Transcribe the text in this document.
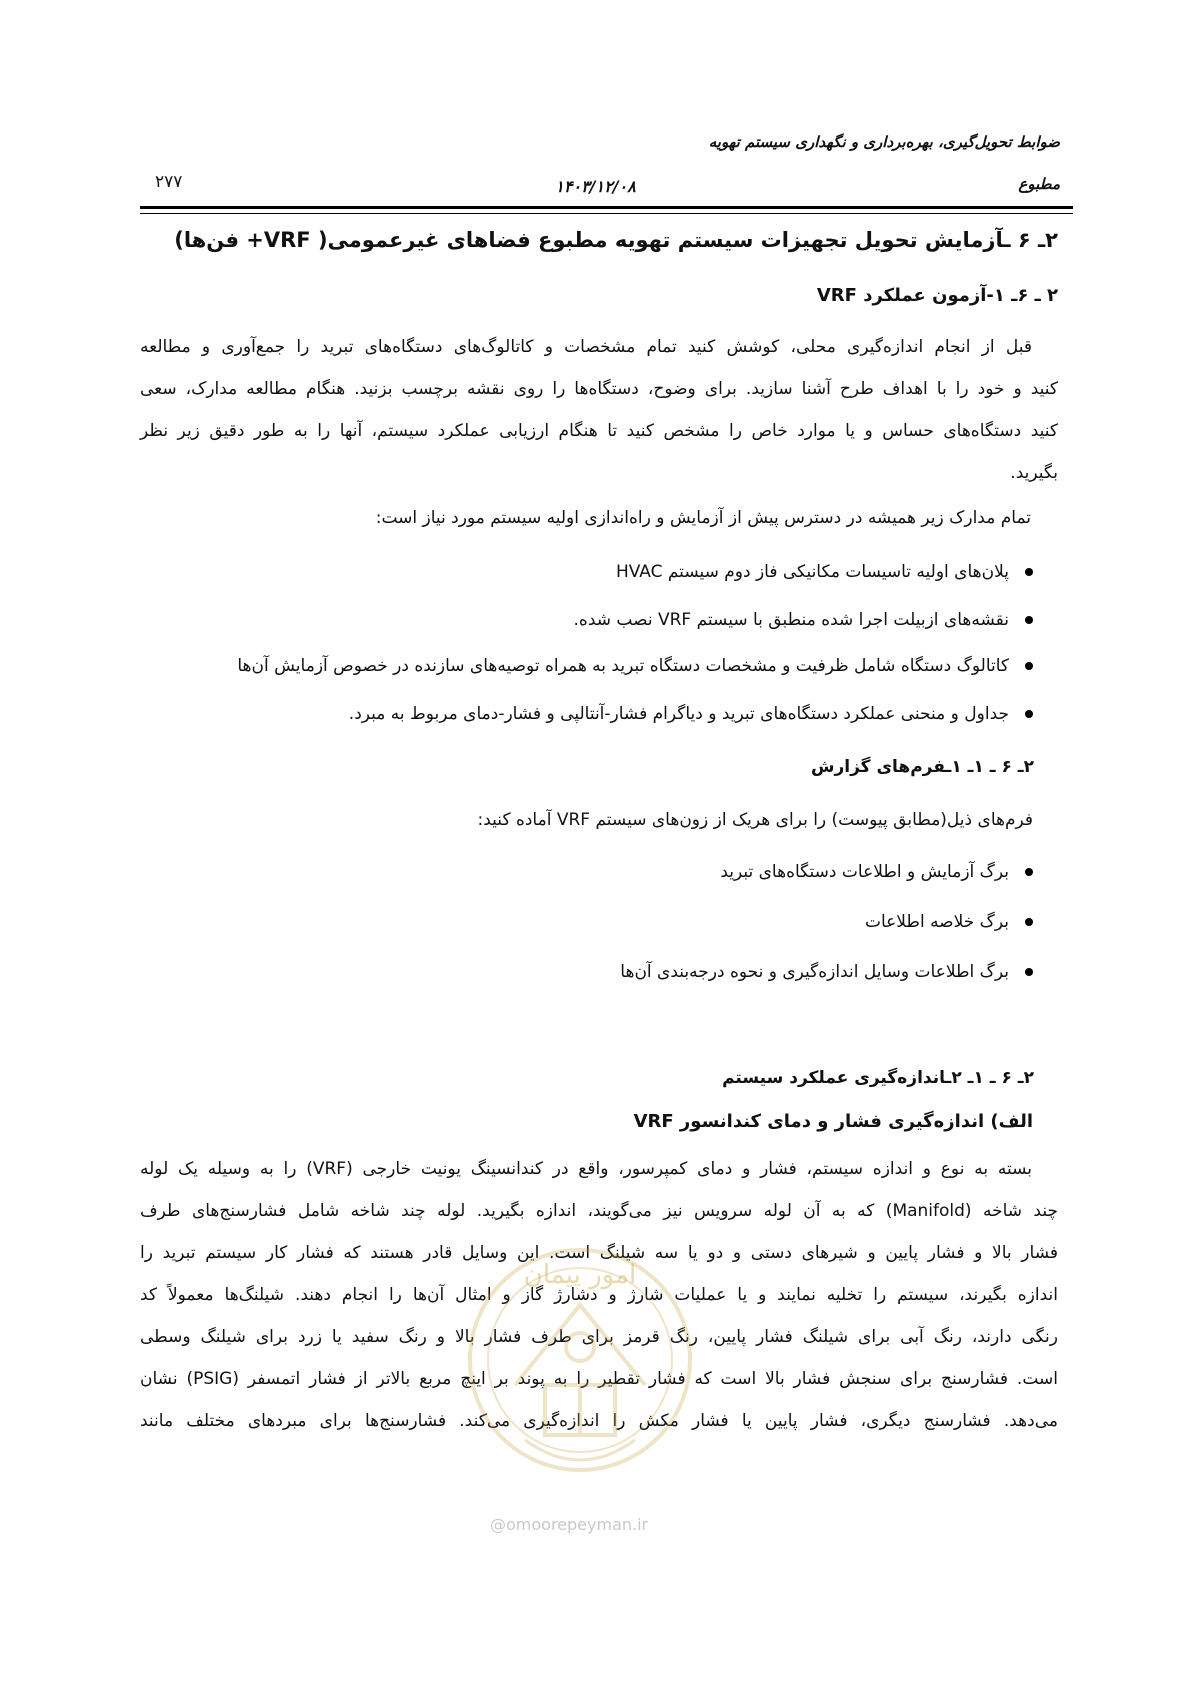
ضوابط تحویل‌گیری، بهره‌برداری و نگهداری سیستم تهویه
مطبوع
۱۴۰۳/۱۲/۰۸
۲۷۷
۲ـ ۶ ـآزمایش تحویل تجهیزات سیستم تهویه مطبوع فضاهای غیرعمومی( VRF+ فن‌ها)
۲ ـ ۶ـ ۱-آزمون عملکرد VRF
قبل از انجام اندازه‌گیری محلی، کوشش کنید تمام مشخصات و کاتالوگ‌های دستگاه‌های تبرید را جمع‌آوری و مطالعه
کنید و خود را با اهداف طرح آشنا سازید. برای وضوح، دستگاه‌ها را روی نقشه برچسب بزنید. هنگام مطالعه مدارک، سعی
کنید دستگاه‌های حساس و یا موارد خاص را مشخص کنید تا هنگام ارزیابی عملکرد سیستم، آنها را به طور دقیق زیر نظر
بگیرید.
تمام مدارک زیر همیشه در دسترس پیش از آزمایش و راه‌اندازی اولیه سیستم مورد نیاز است:
پلان‌های اولیه تاسیسات مکانیکی فاز دوم سیستم HVAC
نقشه‌های ازبیلت اجرا شده منطبق با سیستم VRF نصب شده.
کاتالوگ دستگاه شامل ظرفیت و مشخصات دستگاه تبرید به همراه توصیه‌های سازنده در خصوص آزمایش آن‌ها
جداول و منحنی عملکرد دستگاه‌های تبرید و دیاگرام فشار-آنتالپی و فشار-دمای مربوط به مبرد.
۲ـ ۶ ـ ۱ـ ۱ـفرم‌های گزارش
فرم‌های ذیل(مطابق پیوست) را برای هریک از زون‌های سیستم VRF آماده کنید:
برگ آزمایش و اطلاعات دستگاه‌های تبرید
برگ خلاصه اطلاعات
برگ اطلاعات وسایل اندازه‌گیری و نحوه درجه‌بندی آن‌ها
۲ـ ۶ ـ ۱ـ ۲ـاندازه‌گیری عملکرد سیستم
الف) اندازه‌گیری فشار و دمای کندانسور VRF
بسته به نوع و اندازه سیستم، فشار و دمای کمپرسور، واقع در کندانسینگ یونیت خارجی (VRF) را به وسیله یک لوله
چند شاخه (Manifold) که به آن لوله سرویس نیز می‌گویند، اندازه بگیرید. لوله چند شاخه شامل فشارسنج‌های طرف
فشار بالا و فشار پایین و شیرهای دستی و دو یا سه شیلنگ است. این وسایل قادر هستند که فشار کار سیستم تبرید را
اندازه بگیرند، سیستم را تخلیه نمایند و یا عملیات شارژ و دشارژ گاز و امثال آن‌ها را انجام دهند. شیلنگ‌ها معمولاً کد
رنگی دارند، رنگ آبی برای شیلنگ فشار پایین، رنگ قرمز برای طرف فشار بالا و رنگ سفید یا زرد برای شیلنگ وسطی
است. فشارسنج برای سنجش فشار بالا است که فشار تقطیر را به پوند بر اینچ مربع بالاتر از فشار اتمسفر (PSIG) نشان
می‌دهد. فشارسنج دیگری، فشار پایین یا فشار مکش را اندازه‌گیری می‌کند. فشارسنج‌ها برای مبردهای مختلف مانند
امور پیمان
@omoorepeyman.ir
